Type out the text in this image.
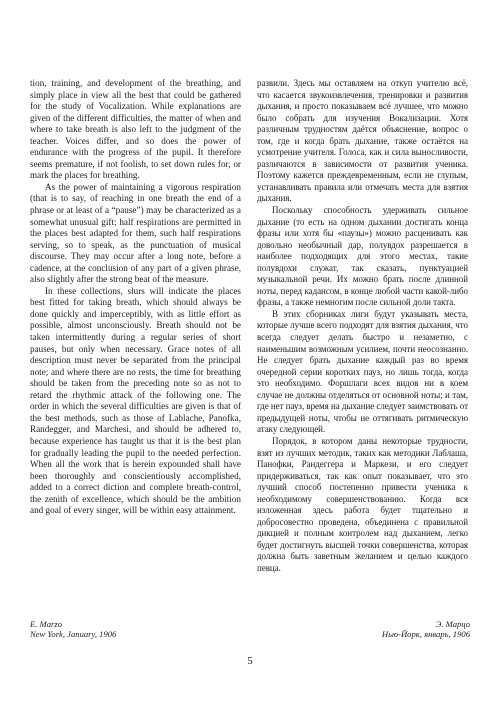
tion, training, and development of the breathing, and simply place in view all the best that could be gathered for the study of Vocalization. While explanations are given of the different difficulties, the matter of when and where to take breath is also left to the judgment of the teacher. Voices differ, and so does the power of endurance with the progress of the pupil. It therefore seems premature, if not foolish, to set down rules for, or mark the places for breathing.

As the power of maintaining a vigorous respiration (that is to say, of reaching in one breath the end of a phrase or at least of a “pause”) may be characterized as a somewhat unusual gift; half respirations are permitted in the places best adapted for them, such half respirations serving, so to speak, as the punctuation of musical discourse. They may occur after a long note, before a cadence, at the conclusion of any part of a given phrase, also slightly after the strong beat of the measure.

In these collections, slurs will indicate the places best fitted for taking breath, which should always be done quickly and imperceptibly, with as little effort as possible, almost unconsciously. Breath should not be taken intermittently during a regular series of short pauses, but only when necessary. Grace notes of all description must never be separated from the principal note; and where there are no rests, the time for breathing should be taken from the preceding note so as not to retard the rhythmic attack of the following one. The order in which the several difficulties are given is that of the best methods, such as those of Lablache, Panofka, Randegger, and Marchesi, and should be adhered to, because experience has taught us that it is the best plan for gradually leading the pupil to the needed perfection. When all the work that is herein expounded shall have been thoroughly and conscientiously accomplished, added to a correct diction and complete breath-control, the zenith of excellence, which should be the ambition and goal of every singer, will be within easy attainment.

развили. Здесь мы оставляем на откуп учителю всё, что касается звукоизвлечения, тренировки и развития дыхания, и просто показываем всё лучшее, что можно было собрать для изучения Вокализации. Хотя различным трудностям даётся объяснение, вопрос о том, где и когда брать дыхание, также остаётся на усмотрение учителя. Голоса, как и сила выносливости, различаются в зависимости от развития ученика. Поэтому кажется преждевременным, если не глупым, устанавливать правила или отмечать места для взятия дыхания.

Поскольку способность удерживать сильное дыхание (то есть на одном дыхании достигать конца фразы или хотя бы «паузы») можно расценивать как довольно необычный дар, полувдох разрешается в наиболее подходящих для этого местах, такие полувдохи служат, так сказать, пунктуацией музыкальной речи. Их можно брать после длинной ноты, перед кадансом, в конце любой части какой-либо фразы, а также немногим после сильной доли такта.

В этих сборниках лиги будут указывать места, которые лучше всего подходят для взятия дыхания, что всегда следует делать быстро и незаметно, с наименьшим возможным усилием, почти неосознанно. Не следует брать дыхание каждый раз во время очередной серии коротких пауз, но лишь тогда, когда это необходимо. Форшлаги всех видов ни в коем случае не должны отделяться от основной ноты; и там, где нет пауз, время на дыхание следует заимствовать от предыдущей ноты, чтобы не оттягивать ритмическую атаку следующей.

Порядок, в котором даны некоторые трудности, взят из лучших методик, таких как методики Лаблаша, Панофки, Рандеггера и Маркези, и его следует придерживаться, так как опыт показывает, что это лучший способ постепенно привести ученика к необходимому совершенствованию. Когда вся изложенная здесь работа будет тщательно и добросовестно проведена, объединена с правильной дикцией и полным контролем над дыханием, легко будет достигнуть высшей точки совершенства, которая должна быть заветным желанием и целью каждого певца.

E. Marzo
New York, January, 1906
Э. Марцо
Нью-Йорк, январь, 1906
5
